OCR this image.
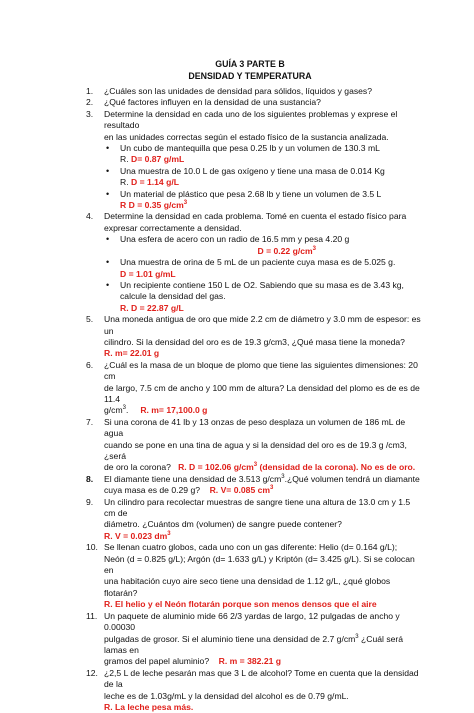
GUÍA 3 PARTE B
DENSIDAD Y TEMPERATURA
1. ¿Cuáles son las unidades de densidad para sólidos, líquidos y gases?
2. ¿Qué factores influyen en la densidad de una sustancia?
3. Determine la densidad en cada uno de los siguientes problemas y exprese el resultado
en las unidades correctas según el estado físico de la sustancia analizada.
• Un cubo de mantequilla que pesa 0.25 lb y un volumen de 130.3 mL
R. D= 0.87 g/mL
• Una muestra de 10.0 L de gas oxígeno y tiene una masa de 0.014 Kg
R. D = 1.14 g/L
• Un material de plástico que pesa 2.68 lb y tiene un volumen de 3.5 L
R D = 0.35 $g/cm^3$
4. Determine la densidad en cada problema. Tomé en cuenta el estado físico para
expresar correctamente a densidad.
• Una esfera de acero con un radio de 16.5 mm y pesa 4.20 g
D = 0.22 $g/cm^3$
• Una muestra de orina de 5 mL de un paciente cuya masa es de 5.025 g.
D = 1.01 g/mL
• Un recipiente contiene 150 L de O2. Sabiendo que su masa es de 3.43 kg,
calcule la densidad del gas.
R. D = 22.87 g/L
5. Una moneda antigua de oro que mide 2.2 cm de diámetro y 3.0 mm de espesor: es un
cilindro. Si la densidad del oro es de 19.3 g/cm3, ¿Qué masa tiene la moneda?
R. m= 22.01 g
6. ¿Cuál es la masa de un bloque de plomo que tiene las siguientes dimensiones: 20 cm
de largo, 7.5 cm de ancho y 100 mm de altura? La densidad del plomo es de es de 11.4
$g/cm^3$. R. m= 17,100.0 g
7. Si una corona de 41 lb y 13 onzas de peso desplaza un volumen de 186 mL de agua
cuando se pone en una tina de agua y si la densidad del oro es de 19.3 g /cm3, ¿será
de oro la corona? R. D = 102.06 $g/cm^3$ (densidad de la corona). No es de oro.
8. El diamante tiene una densidad de 3.513 $g/cm^3.¿Qué$ volumen tendrá un diamante
cuya masa es de 0.29 g? R. V= 0.085 $cm^3$
9. Un cilindro para recolectar muestras de sangre tiene una altura de 13.0 cm y 1.5 cm de
diámetro. ¿Cuántos dm (volumen) de sangre puede contener?
R. V = 0.023 $dm^3$
10. Se llenan cuatro globos, cada uno con un gas diferente: Helio (d= 0.164 g/L);
Neón (d = 0.825 g/L); Argón (d= 1.633 g/L) y Kriptón (d= 3.425 g/L). Si se colocan en
una habitación cuyo aire seco tiene una densidad de 1.12 g/L, ¿qué globos flotarán?
R. El helio y el Neón flotarán porque son menos densos que el aire
11. Un paquete de aluminio mide 66 2/3 yardas de largo, 12 pulgadas de ancho y 0.00030
pulgadas de grosor. Si el aluminio tiene una densidad de 2.7 $g/cm^3$ ¿Cuál será lamas en
gramos del papel aluminio? R. m = 382.21 g
12. ¿2,5 L de leche pesarán mas que 3 L de alcohol? Tome en cuenta que la densidad de la
leche es de 1.03g/mL y la densidad del alcohol es de 0.79 g/mL.
R. La leche pesa más.
